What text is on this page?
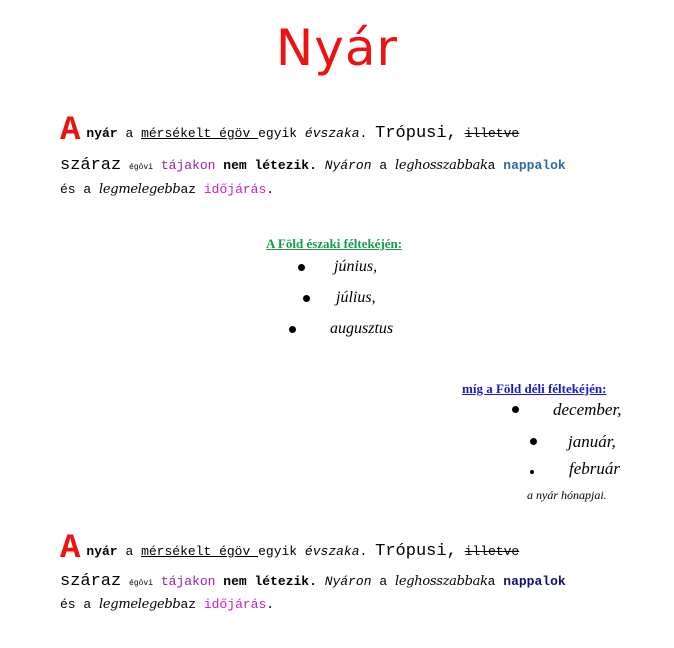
Nyár
Anyár a mérsékelt égöv egyik évszaka. Trópusi, illetve
száraz égövi tájakon nem létezik. Nyáron a leghosszabbaka nappalok
és a legmelegebbaz időjárás.
A Föld északi féltekéjén:
június,
július,
augusztus
míg a Föld déli féltekéjén:
december,
január,
február
a nyár hónapjai.
Anyár a mérsékelt égöv egyik évszaka. Trópusi, illetve
száraz égövi tájakon nem létezik. Nyáron a leghosszabbaka nappalok
és a legmelegebbaz időjárás.
